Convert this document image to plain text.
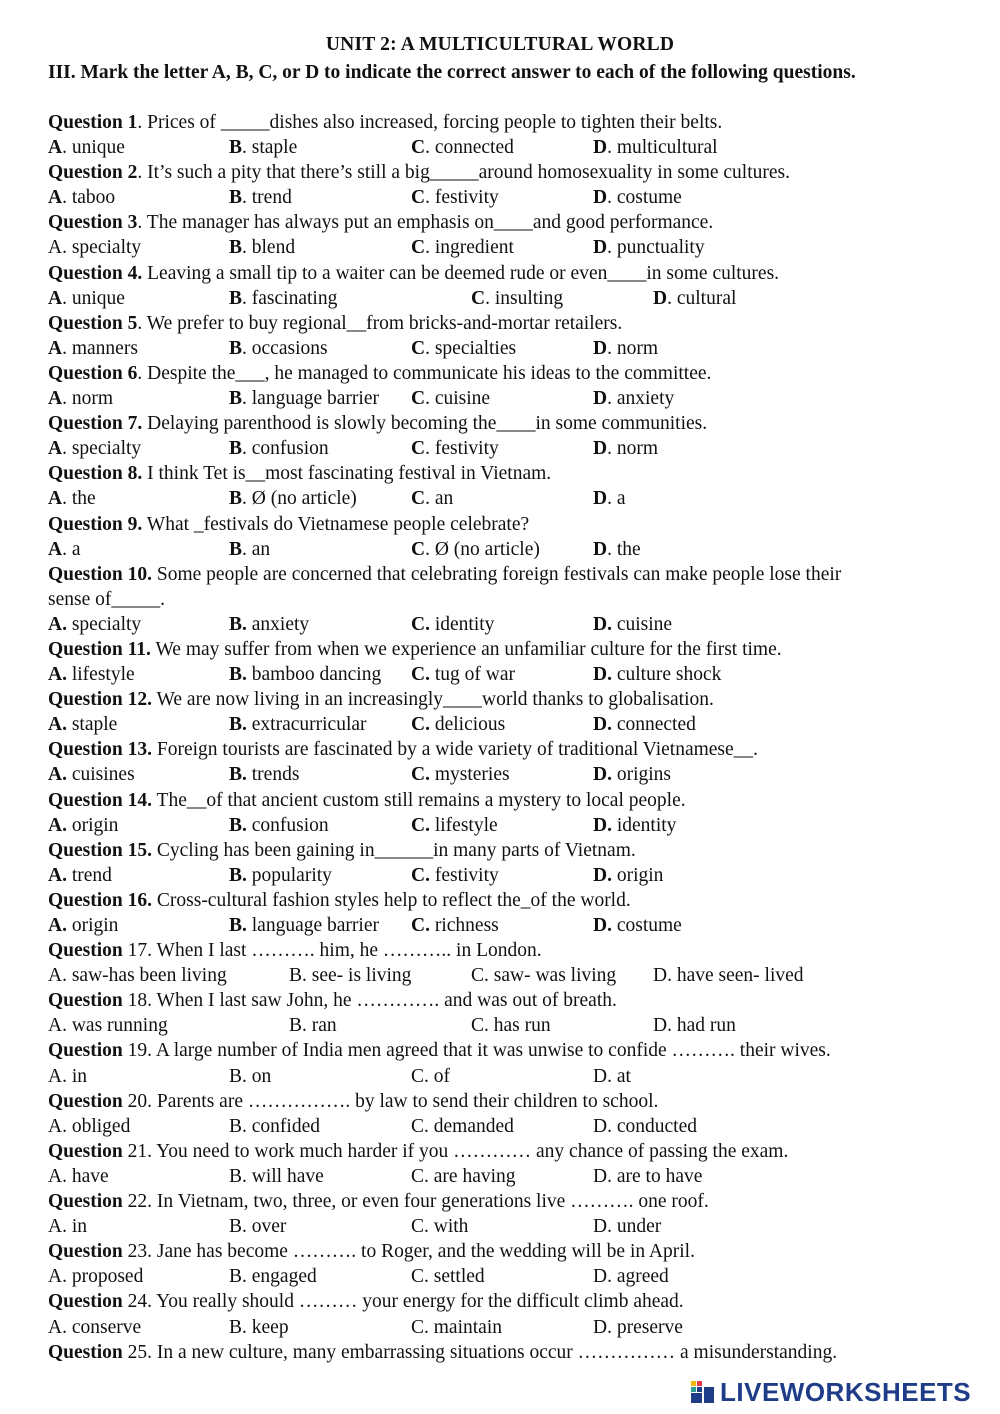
UNIT 2: A MULTICULTURAL WORLD
III. Mark the letter A, B, C, or D to indicate the correct answer to each of the following questions.
Question 1. Prices of _____dishes also increased, forcing people to tighten their belts.
A. unique	B. staple	C. connected	D. multicultural
Question 2. It’s such a pity that there’s still a big_____around homosexuality in some cultures.
A. taboo	B. trend	C. festivity	D. costume
Question 3. The manager has always put an emphasis on____and good performance.
A. specialty	B. blend	C. ingredient	D. punctuality
Question 4. Leaving a small tip to a waiter can be deemed rude or even____in some cultures.
A. unique	B. fascinating	C. insulting	D. cultural
Question 5. We prefer to buy regional__from bricks-and-mortar retailers.
A. manners	B. occasions	C. specialties	D. norm
Question 6. Despite the___, he managed to communicate his ideas to the committee.
A. norm	B. language barrier C. cuisine	D. anxiety
Question 7. Delaying parenthood is slowly becoming the____in some communities.
A. specialty	B. confusion	C. festivity	D. norm
Question 8. I think Tet is__most fascinating festival in Vietnam.
A. the	B. Ø (no article)	C. an	D. a
Question 9. What _festivals do Vietnamese people celebrate?
A. a	B. an	C. Ø (no article)	D. the
Question 10. Some people are concerned that celebrating foreign festivals can make people lose their
sense of_____.
A. specialty	B. anxiety	C. identity	D. cuisine
Question 11. We may suffer from when we experience an unfamiliar culture for the first time.
A. lifestyle	B. bamboo dancing C. tug of war	D. culture shock
Question 12. We are now living in an increasingly____world thanks to globalisation.
A. staple	B. extracurricular C. delicious	D. connected
Question 13. Foreign tourists are fascinated by a wide variety of traditional Vietnamese__.
A. cuisines	B. trends	C. mysteries	D. origins
Question 14. The__of that ancient custom still remains a mystery to local people.
A. origin	B. confusion	C. lifestyle	D. identity
Question 15. Cycling has been gaining in______in many parts of Vietnam.
A. trend	B. popularity	C. festivity	D. origin
Question 16. Cross-cultural fashion styles help to reflect the_of the world.
A. origin	B. language barrier C. richness	D. costume
Question 17. When I last ………. him, he ……….. in London.
A. saw-has been living	B. see- is living	C. saw- was living D. have seen- lived
Question 18. When I last saw John, he …………. and was out of breath.
A. was running	B. ran	C. has run	D. had run
Question 19. A large number of India men agreed that it was unwise to confide ………. their wives.
A. in	B. on	C. of	D. at
Question 20. Parents are ……………. by law to send their children to school.
A. obliged	B. confided	C. demanded	D. conducted
Question 21. You need to work much harder if you ………… any chance of passing the exam.
A. have	B. will have	C. are having	D. are to have
Question 22. In Vietnam, two, three, or even four generations live ………. one roof.
A. in	B. over	C. with	D. under
Question 23. Jane has become ………. to Roger, and the wedding will be in April.
A. proposed	B. engaged	C. settled	D. agreed
Question 24. You really should ……… your energy for the difficult climb ahead.
A. conserve	B. keep	C. maintain	D. preserve
Question 25. In a new culture, many embarrassing situations occur …………… a misunderstanding.
LIVEWORKSHEETS
